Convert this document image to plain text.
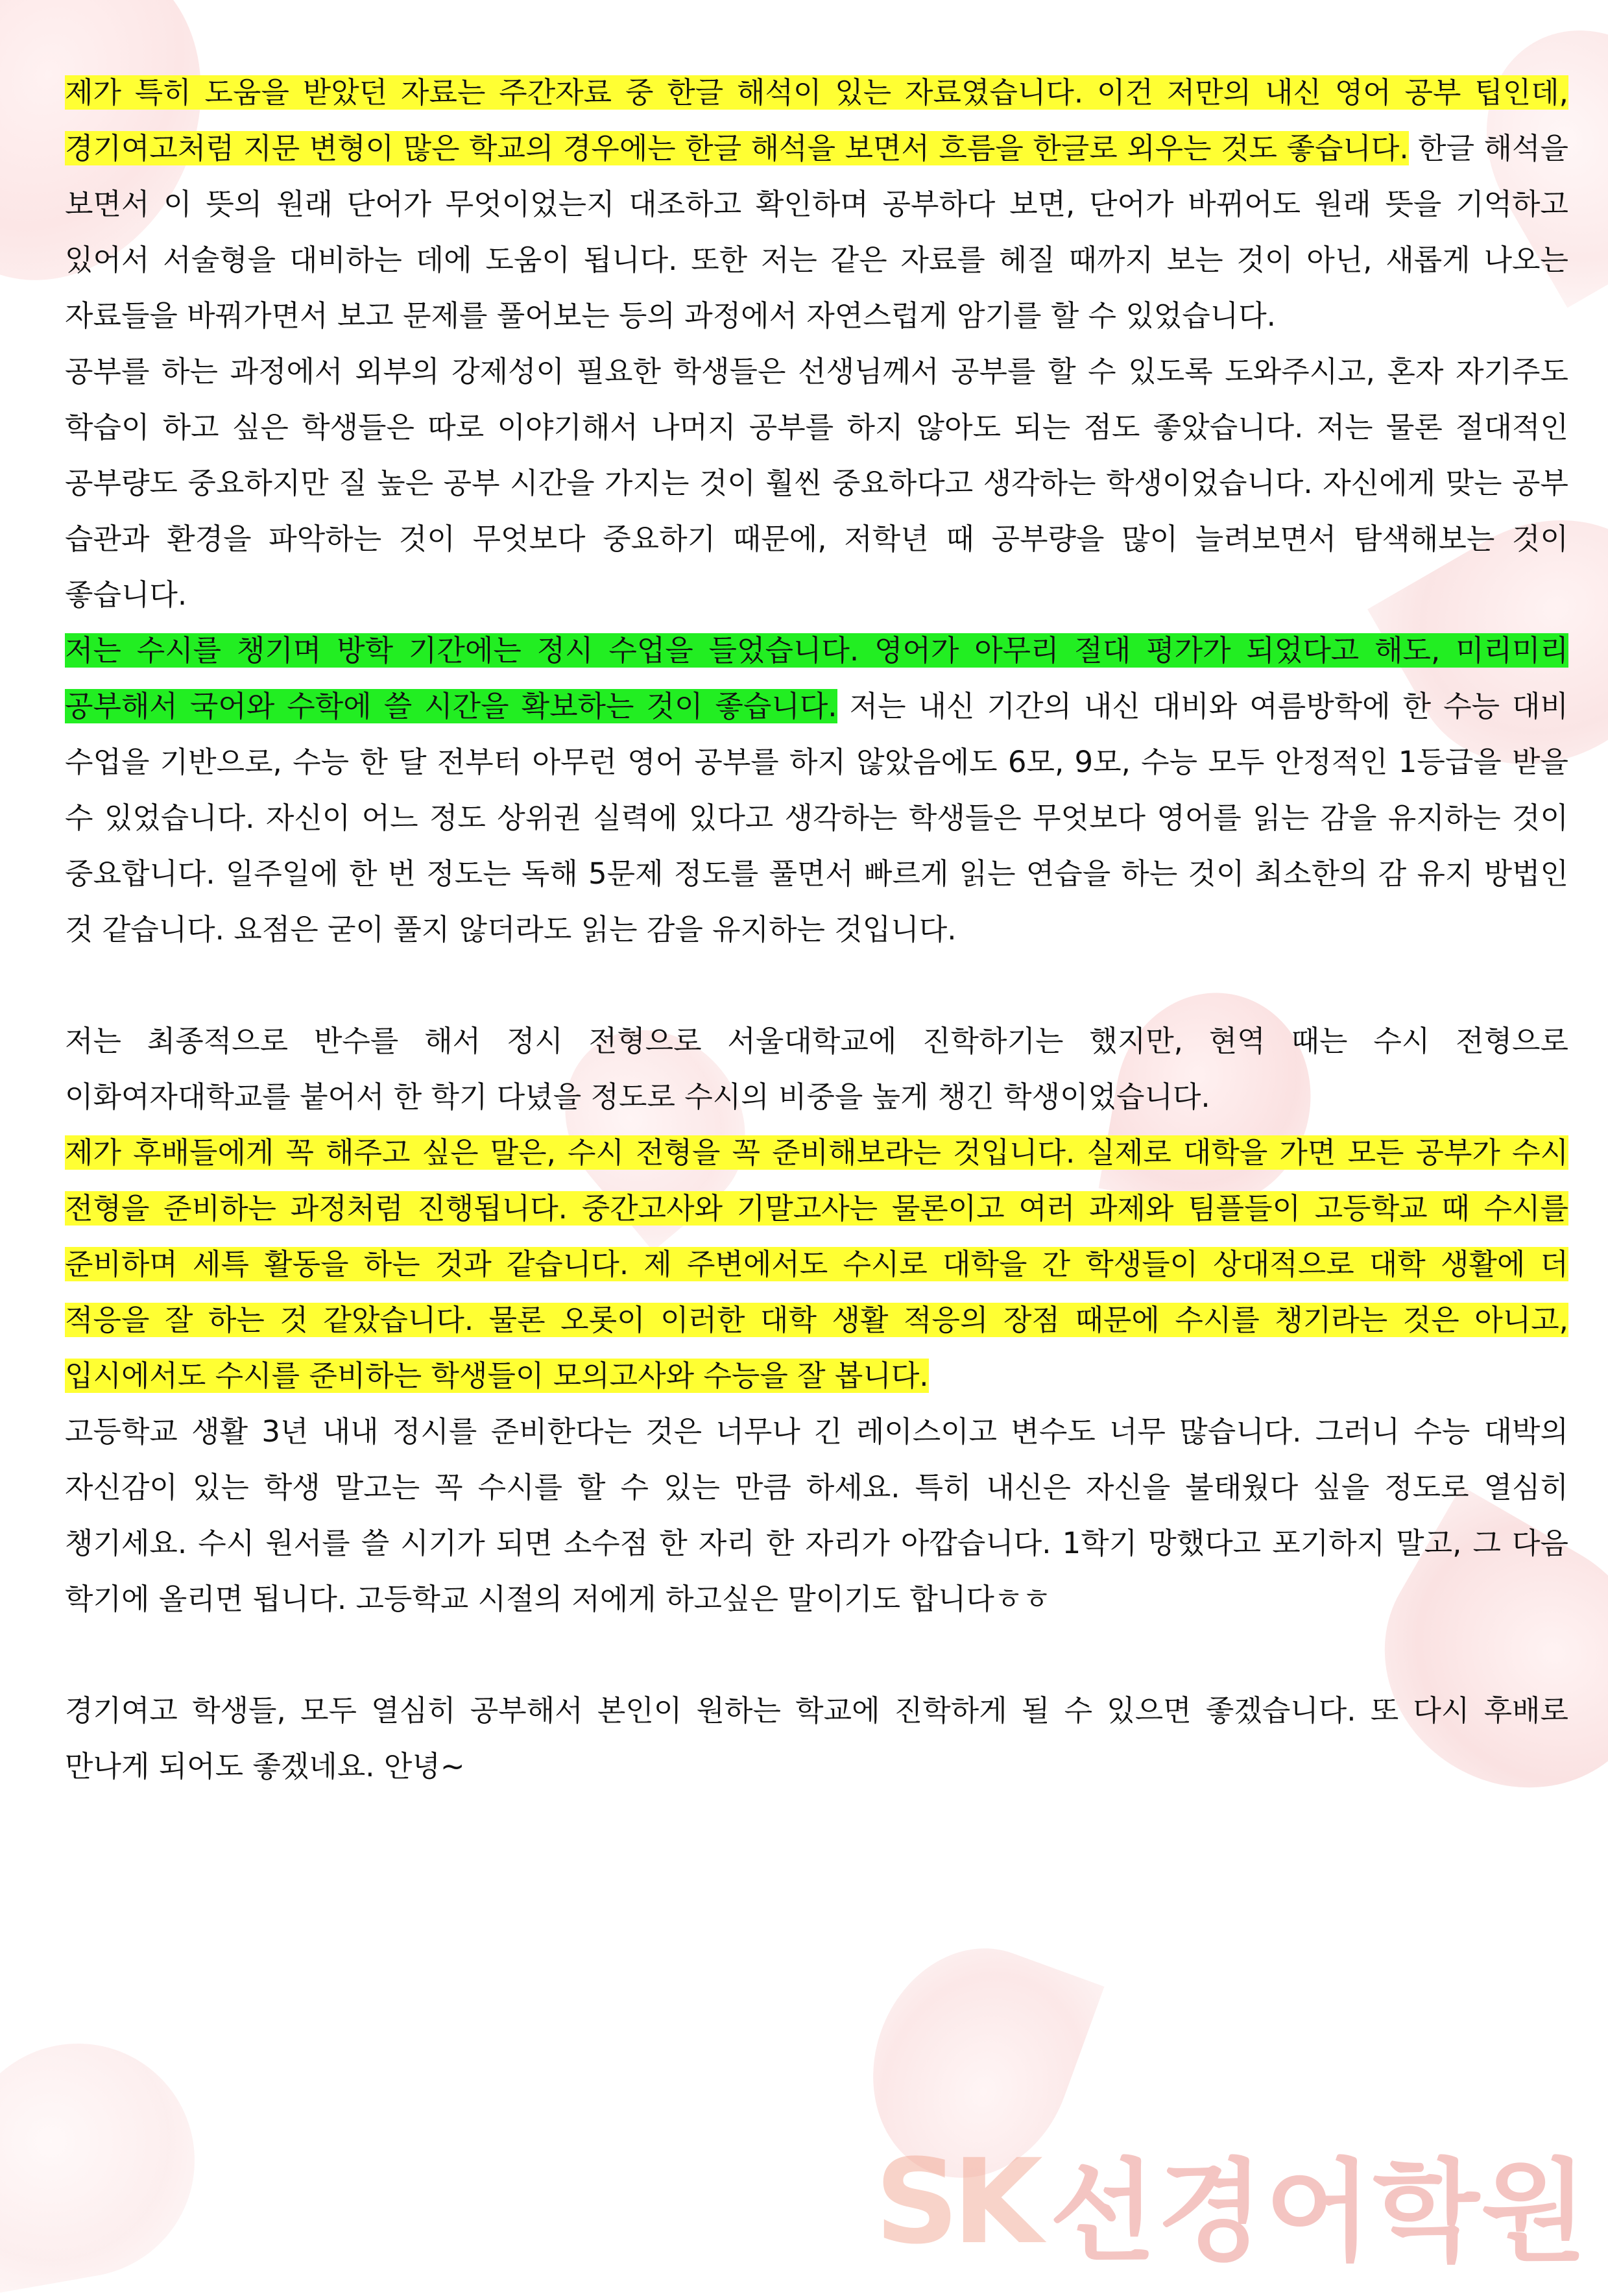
제가 특히 도움을 받았던 자료는 주간자료 중 한글 해석이 있는 자료였습니다. 이건 저만의 내신 영어 공부 팁인데, 경기여고처럼 지문 변형이 많은 학교의 경우에는 한글 해석을 보면서 흐름을 한글로 외우는 것도 좋습니다. 한글 해석을 보면서 이 뜻의 원래 단어가 무엇이었는지 대조하고 확인하며 공부하다 보면, 단어가 바뀌어도 원래 뜻을 기억하고 있어서 서술형을 대비하는 데에 도움이 됩니다. 또한 저는 같은 자료를 헤질 때까지 보는 것이 아닌, 새롭게 나오는 자료들을 바꿔가면서 보고 문제를 풀어보는 등의 과정에서 자연스럽게 암기를 할 수 있었습니다.

공부를 하는 과정에서 외부의 강제성이 필요한 학생들은 선생님께서 공부를 할 수 있도록 도와주시고, 혼자 자기주도 학습이 하고 싶은 학생들은 따로 이야기해서 나머지 공부를 하지 않아도 되는 점도 좋았습니다. 저는 물론 절대적인 공부량도 중요하지만 질 높은 공부 시간을 가지는 것이 훨씬 중요하다고 생각하는 학생이었습니다. 자신에게 맞는 공부 습관과 환경을 파악하는 것이 무엇보다 중요하기 때문에, 저학년 때 공부량을 많이 늘려보면서 탐색해보는 것이 좋습니다.

저는 수시를 챙기며 방학 기간에는 정시 수업을 들었습니다. 영어가 아무리 절대 평가가 되었다고 해도, 미리미리 공부해서 국어와 수학에 쓸 시간을 확보하는 것이 좋습니다. 저는 내신 기간의 내신 대비와 여름방학에 한 수능 대비 수업을 기반으로, 수능 한 달 전부터 아무런 영어 공부를 하지 않았음에도 6모, 9모, 수능 모두 안정적인 1등급을 받을 수 있었습니다. 자신이 어느 정도 상위권 실력에 있다고 생각하는 학생들은 무엇보다 영어를 읽는 감을 유지하는 것이 중요합니다. 일주일에 한 번 정도는 독해 5문제 정도를 풀면서 빠르게 읽는 연습을 하는 것이 최소한의 감 유지 방법인 것 같습니다. 요점은 굳이 풀지 않더라도 읽는 감을 유지하는 것입니다.

저는 최종적으로 반수를 해서 정시 전형으로 서울대학교에 진학하기는 했지만, 현역 때는 수시 전형으로 이화여자대학교를 붙어서 한 학기 다녔을 정도로 수시의 비중을 높게 챙긴 학생이었습니다.

제가 후배들에게 꼭 해주고 싶은 말은, 수시 전형을 꼭 준비해보라는 것입니다. 실제로 대학을 가면 모든 공부가 수시 전형을 준비하는 과정처럼 진행됩니다. 중간고사와 기말고사는 물론이고 여러 과제와 팀플들이 고등학교 때 수시를 준비하며 세특 활동을 하는 것과 같습니다. 제 주변에서도 수시로 대학을 간 학생들이 상대적으로 대학 생활에 더 적응을 잘 하는 것 같았습니다. 물론 오롯이 이러한 대학 생활 적응의 장점 때문에 수시를 챙기라는 것은 아니고, 입시에서도 수시를 준비하는 학생들이 모의고사와 수능을 잘 봅니다.

고등학교 생활 3년 내내 정시를 준비한다는 것은 너무나 긴 레이스이고 변수도 너무 많습니다. 그러니 수능 대박의 자신감이 있는 학생 말고는 꼭 수시를 할 수 있는 만큼 하세요. 특히 내신은 자신을 불태웠다 싶을 정도로 열심히 챙기세요. 수시 원서를 쓸 시기가 되면 소수점 한 자리 한 자리가 아깝습니다. 1학기 망했다고 포기하지 말고, 그 다음 학기에 올리면 됩니다. 고등학교 시절의 저에게 하고싶은 말이기도 합니다ㅎㅎ

경기여고 학생들, 모두 열심히 공부해서 본인이 원하는 학교에 진학하게 될 수 있으면 좋겠습니다. 또 다시 후배로 만나게 되어도 좋겠네요. 안녕~

SK 선경어학원
